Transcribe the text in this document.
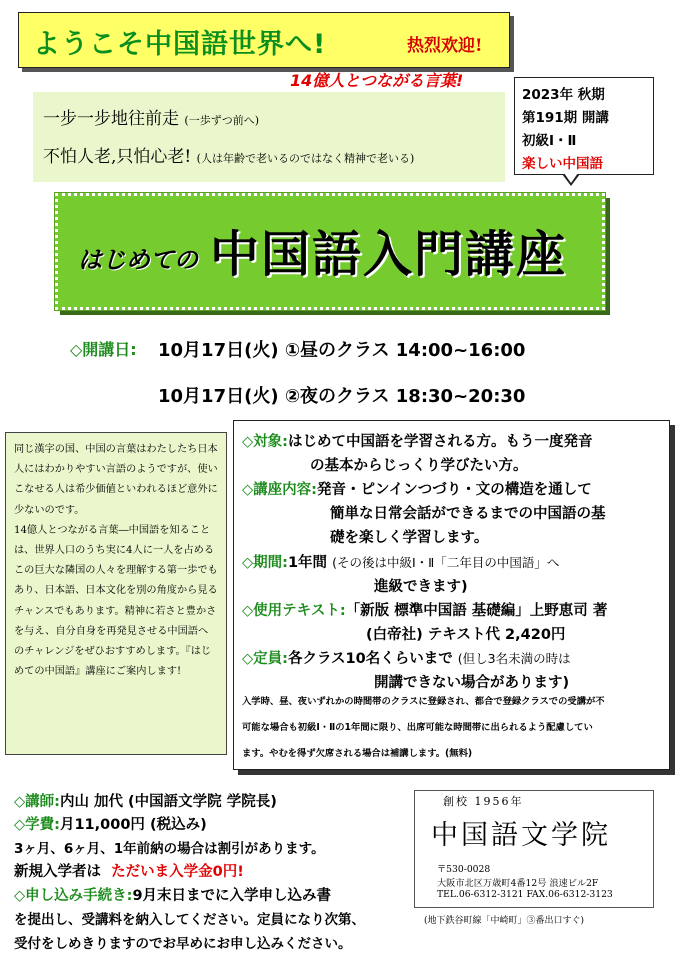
ようこそ中国語世界へ!	热烈欢迎!
14億人とつながる言葉!
一步一步地往前走 (一歩ずつ前へ)
不怕人老,只怕心老! (人は年齢で老いるのではなく精神で老いる)
2023年 秋期
第191期 開講
初級Ⅰ・Ⅱ
楽しい中国語
はじめての 中国語入門講座
◇開講日: 10月17日(火) ①昼のクラス 14:00~16:00
10月17日(火) ②夜のクラス 18:30~20:30

同じ漢字の国、中国の言葉はわたしたち日本人にはわかりやすい言語のようですが、使いこなせる人は希少価値といわれるほど意外に少ないのです。

14億人とつながる言葉―中国語を知ることは、世界人口のうち実に4人に一人を占めるこの巨大な隣国の人々を理解する第一歩でもあり、日本語、日本文化を別の角度から見るチャンスでもあります。精神に若さと豊かさを与え、自分自身を再発見させる中国語へのチャレンジをぜひおすすめします。『はじめての中国語』講座にご案内します!

◇対象:はじめて中国語を学習される方。もう一度発音
の基本からじっくり学びたい方。
◇講座内容:発音・ピンインつづり・文の構造を通して
簡単な日常会話ができるまでの中国語の基
礎を楽しく学習します。
◇期間:1年間 (その後は中級Ⅰ・Ⅱ「二年目の中国語」へ
進級できます)
◇使用テキスト:「新版 標準中国語 基礎編」上野恵司 著
(白帝社) テキスト代 2,420円
◇定員:各クラス10名くらいまで (但し3名未満の時は
開講できない場合があります)
入学時、昼、夜いずれかの時間帯のクラスに登録され、都合で登録クラスでの受講が不
可能な場合も初級Ⅰ・Ⅱの1年間に限り、出席可能な時間帯に出られるよう配慮してい
ます。やむを得ず欠席される場合は補講します。(無料)
◇講師:内山 加代 (中国語文学院 学院長)
◇学費:月11,000円 (税込み)
3ヶ月、6ヶ月、1年前納の場合は割引があります。
新規入学者は ただいま入学金0円!
◇申し込み手続き:9月末日までに入学申し込み書
を提出し、受講料を納入してください。定員になり次第、
受付をしめきりますのでお早めにお申し込みください。
創校 1956年
中国語文学院
〒530-0028
大阪市北区万歳町4番12号 浪速ビル2F
TEL.06-6312-3121 FAX.06-6312-3123
(地下鉄谷町線「中崎町」③番出口すぐ)
